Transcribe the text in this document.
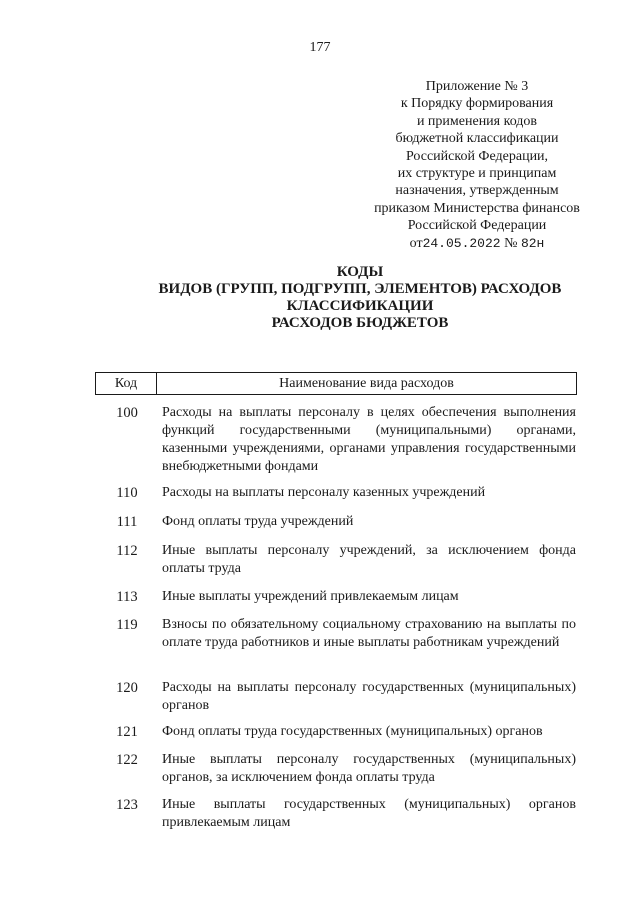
177
Приложение № 3
к Порядку формирования
и применения кодов
бюджетной классификации
Российской Федерации,
их структуре и принципам
назначения, утвержденным
приказом Министерства финансов
Российской Федерации
от24.05.2022 № 82н
КОДЫ
ВИДОВ (ГРУПП, ПОДГРУПП, ЭЛЕМЕНТОВ) РАСХОДОВ
КЛАССИФИКАЦИИ
РАСХОДОВ БЮДЖЕТОВ
Код	Наименование вида расходов
100	Расходы на выплаты персоналу в целях обеспечения выполнения функций государственными (муниципальными) органами, казенными учреждениями, органами управления государственными внебюджетными фондами
110	Расходы на выплаты персоналу казенных учреждений
111	Фонд оплаты труда учреждений
112	Иные выплаты персоналу учреждений, за исключением фонда оплаты труда
113	Иные выплаты учреждений привлекаемым лицам
119	Взносы по обязательному социальному страхованию на выплаты по оплате труда работников и иные выплаты работникам учреждений
120	Расходы на выплаты персоналу государственных (муниципальных) органов
121	Фонд оплаты труда государственных (муниципальных) органов
122	Иные выплаты персоналу государственных (муниципальных) органов, за исключением фонда оплаты труда
123	Иные выплаты государственных (муниципальных) органов привлекаемым лицам
